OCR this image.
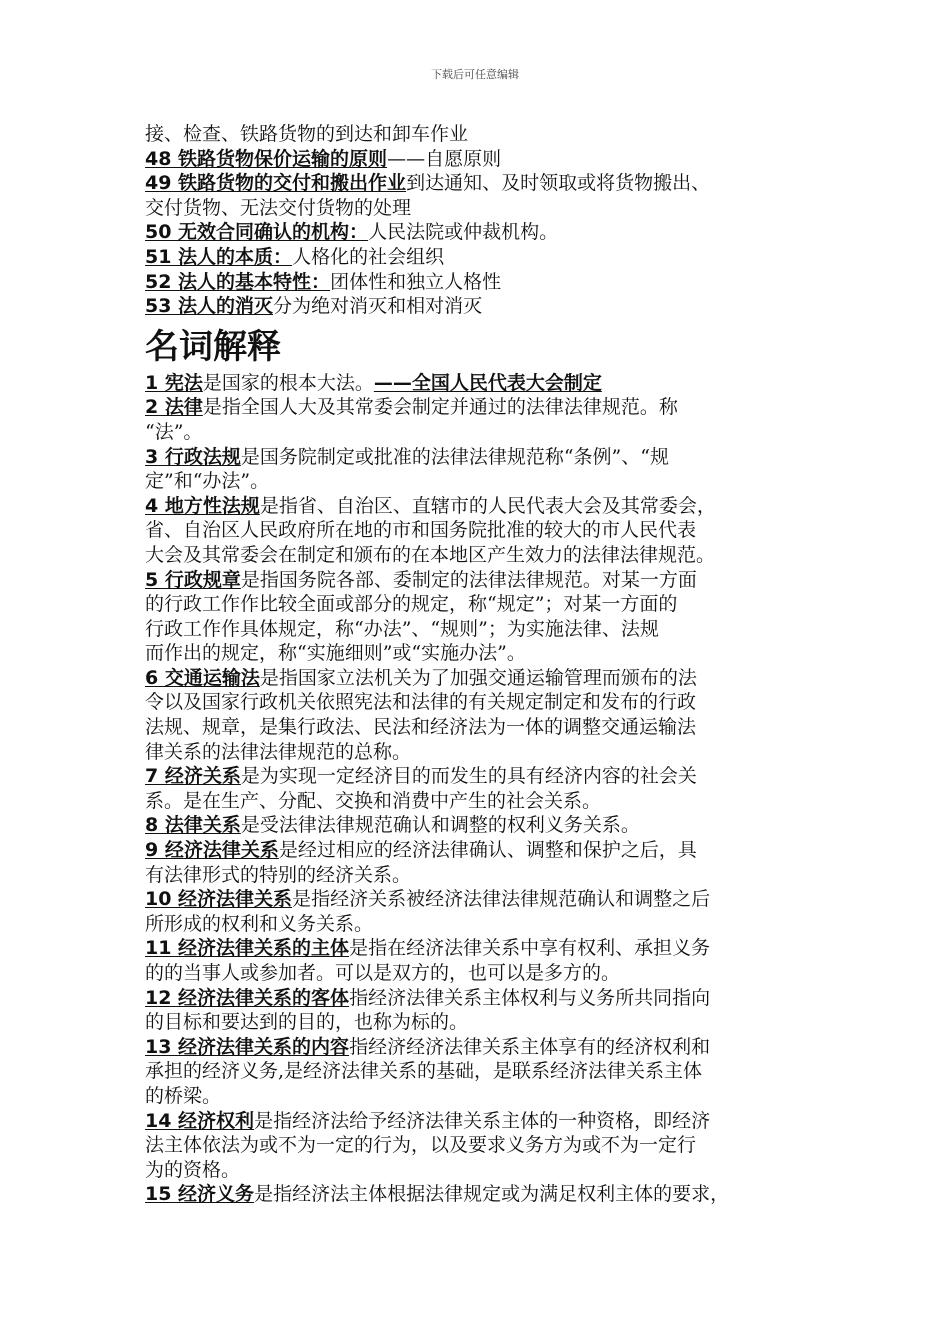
下载后可任意编辑
接、检查、铁路货物的到达和卸车作业
48 铁路货物保价运输的原则——自愿原则
49 铁路货物的交付和搬出作业到达通知、及时领取或将货物搬出、
交付货物、无法交付货物的处理
50 无效合同确认的机构：人民法院或仲裁机构。
51 法人的本质：人格化的社会组织
52 法人的基本特性：团体性和独立人格性
53 法人的消灭分为绝对消灭和相对消灭
名词解释
1 宪法是国家的根本大法。——全国人民代表大会制定
2 法律是指全国人大及其常委会制定并通过的法律法律规范。称
“法”。
3 行政法规是国务院制定或批准的法律法律规范称“条例”、“规
定”和“办法”。
4 地方性法规是指省、自治区、直辖市的人民代表大会及其常委会，
省、自治区人民政府所在地的市和国务院批准的较大的市人民代表
大会及其常委会在制定和颁布的在本地区产生效力的法律法律规范。
5 行政规章是指国务院各部、委制定的法律法律规范。对某一方面
的行政工作作比较全面或部分的规定，称“规定”；对某一方面的
行政工作作具体规定，称“办法”、“规则”；为实施法律、法规
而作出的规定，称“实施细则”或“实施办法”。
6 交通运输法是指国家立法机关为了加强交通运输管理而颁布的法
令以及国家行政机关依照宪法和法律的有关规定制定和发布的行政
法规、规章，是集行政法、民法和经济法为一体的调整交通运输法
律关系的法律法律规范的总称。
7 经济关系是为实现一定经济目的而发生的具有经济内容的社会关
系。是在生产、分配、交换和消费中产生的社会关系。
8 法律关系是受法律法律规范确认和调整的权利义务关系。
9 经济法律关系是经过相应的经济法律确认、调整和保护之后，具
有法律形式的特别的经济关系。
10 经济法律关系是指经济关系被经济法律法律规范确认和调整之后
所形成的权利和义务关系。
11 经济法律关系的主体是指在经济法律关系中享有权利、承担义务
的的当事人或参加者。可以是双方的，也可以是多方的。
12 经济法律关系的客体指经济法律关系主体权利与义务所共同指向
的目标和要达到的目的，也称为标的。
13 经济法律关系的内容指经济经济法律关系主体享有的经济权利和
承担的经济义务,是经济法律关系的基础，是联系经济法律关系主体
的桥梁。
14 经济权利是指经济法给予经济法律关系主体的一种资格，即经济
法主体依法为或不为一定的行为，以及要求义务方为或不为一定行
为的资格。
15 经济义务是指经济法主体根据法律规定或为满足权利主体的要求，
